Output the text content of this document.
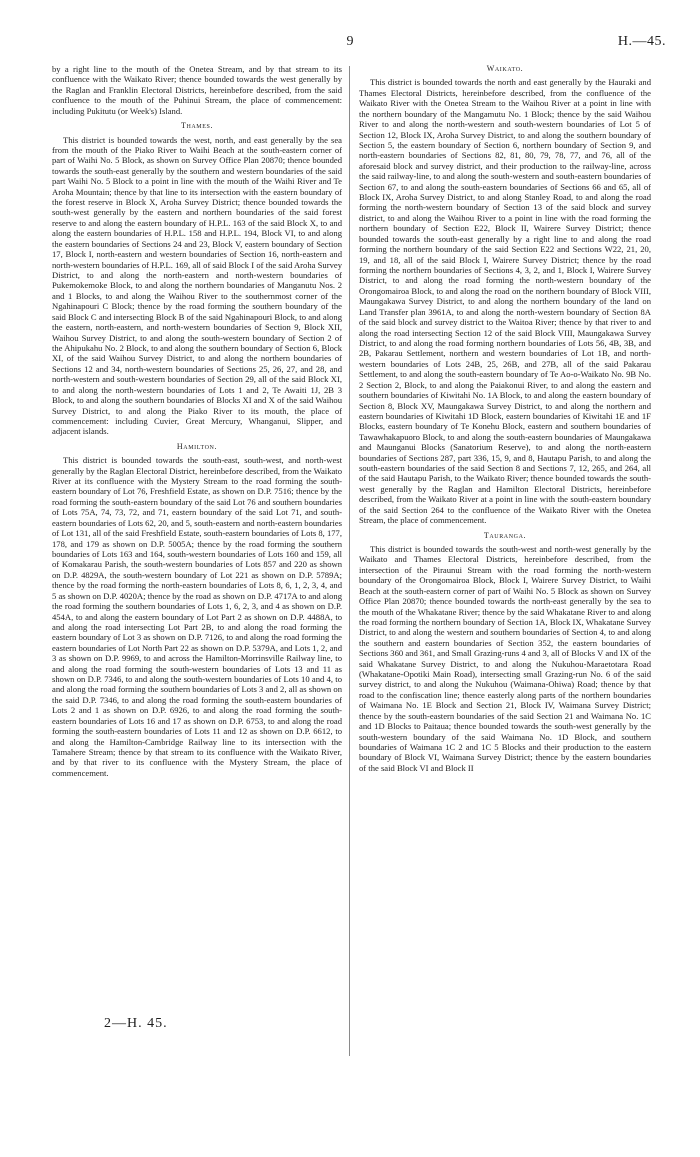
9	H.—45.

by a right line to the mouth of the Onetea Stream, and by that stream to its confluence with the Waikato River; thence bounded towards the west generally by the Raglan and Franklin Electoral Districts, hereinbefore described, from the said confluence to the mouth of the Puhinui Stream, the place of commencement: including Pukitutu (or Week's) Island.

Thames.

This district is bounded towards the west, north, and east generally by the sea from the mouth of the Piako River to Waihi Beach at the south-eastern corner of part of Waihi No. 5 Block, as shown on Survey Office Plan 20870; thence bounded towards the south-east generally by the southern and western boundaries of the said part Waihi No. 5 Block to a point in line with the mouth of the Waihi River and Te Aroha Mountain; thence by that line to its intersection with the eastern boundary of the forest reserve in Block X, Aroha Survey District; thence bounded towards the south-west generally by the eastern and northern boundaries of the said forest reserve to and along the eastern boundary of H.P.L. 163 of the said Block X, to and along the eastern boundaries of H.P.L. 158 and H.P.L. 194, Block VI, to and along the eastern boundaries of Sections 24 and 23, Block V, eastern boundary of Section 17, Block I, north-eastern and western boundaries of Section 16, north-eastern and north-western boundaries of H.P.L. 169, all of said Block I of the said Aroha Survey District, to and along the north-eastern and north-western boundaries of Pukemokemoke Block, to and along the northern boundaries of Manganutu Nos. 2 and 1 Blocks, to and along the Waihou River to the southernmost corner of the Ngahinapouri C Block; thence by the road forming the southern boundary of the said Block C and intersecting Block B of the said Ngahinapouri Block, to and along the eastern, north-eastern, and north-western boundaries of Section 9, Block XII, Waihou Survey District, to and along the south-western boundary of Section 2 of the Ahipukahu No. 2 Block, to and along the southern boundary of Section 6, Block XI, of the said Waihou Survey District, to and along the northern boundaries of Sections 12 and 34, north-western boundaries of Sections 25, 26, 27, and 28, and north-western and south-western boundaries of Section 29, all of the said Block XI, to and along the north-western boundaries of Lots 1 and 2, Te Awaiti 1J, 2B 3 Block, to and along the southern boundaries of Blocks XI and X of the said Waihou Survey District, to and along the Piako River to its mouth, the place of commencement: including Cuvier, Great Mercury, Whanganui, Slipper, and adjacent islands.

Hamilton.

This district is bounded towards the south-east, south-west, and north-west generally by the Raglan Electoral District, hereinbefore described, from the Waikato River at its confluence with the Mystery Stream to the road forming the south-eastern boundary of Lot 76, Freshfield Estate, as shown on D.P. 7516; thence by the road forming the south-eastern boundary of the said Lot 76 and southern boundaries of Lots 75A, 74, 73, 72, and 71, eastern boundary of the said Lot 71, and south-eastern boundaries of Lots 62, 20, and 5, south-eastern and north-eastern boundaries of Lot 131, all of the said Freshfield Estate, south-eastern boundaries of Lots 8, 177, 178, and 179 as shown on D.P. 5005A; thence by the road forming the southern boundaries of Lots 163 and 164, south-western boundaries of Lots 160 and 159, all of Komakarau Parish, the south-western boundaries of Lots 857 and 220 as shown on D.P. 4829A, the south-western boundary of Lot 221 as shown on D.P. 5789A; thence by the road forming the north-eastern boundaries of Lots 8, 6, 1, 2, 3, 4, and 5 as shown on D.P. 4020A; thence by the road as shown on D.P. 4717A to and along the road forming the southern boundaries of Lots 1, 6, 2, 3, and 4 as shown on D.P. 454A, to and along the eastern boundary of Lot Part 2 as shown on D.P. 4488A, to and along the road intersecting Lot Part 2B, to and along the road forming the eastern boundary of Lot 3 as shown on D.P. 7126, to and along the road forming the eastern boundaries of Lot North Part 22 as shown on D.P. 5379A, and Lots 1, 2, and 3 as shown on D.P. 9969, to and across the Hamilton-Morrinsville Railway line, to and along the road forming the south-western boundaries of Lots 13 and 11 as shown on D.P. 7346, to and along the south-western boundaries of Lots 10 and 4, to and along the road forming the southern boundaries of Lots 3 and 2, all as shown on the said D.P. 7346, to and along the road forming the south-eastern boundaries of Lots 2 and 1 as shown on D.P. 6926, to and along the road forming the south-eastern boundaries of Lots 16 and 17 as shown on D.P. 6753, to and along the road forming the south-eastern boundaries of Lots 11 and 12 as shown on D.P. 6612, to and along the Hamilton-Cambridge Railway line to its intersection with the Tamahere Stream; thence by that stream to its confluence with the Waikato River, and by that river to its confluence with the Mystery Stream, the place of commencement.

Waikato.

This district is bounded towards the north and east generally by the Hauraki and Thames Electoral Districts, hereinbefore described, from the confluence of the Waikato River with the Onetea Stream to the Waihou River at a point in line with the northern boundary of the Mangamutu No. 1 Block; thence by the said Waihou River to and along the north-western and south-western boundaries of Lot 5 of Section 12, Block IX, Aroha Survey District, to and along the southern boundary of Section 5, the eastern boundary of Section 6, northern boundary of Section 9, and north-eastern boundaries of Sections 82, 81, 80, 79, 78, 77, and 76, all of the aforesaid block and survey district, and their production to the railway-line, across the said railway-line, to and along the south-western and south-eastern boundaries of Section 67, to and along the south-eastern boundaries of Sections 66 and 65, all of Block IX, Aroha Survey District, to and along Stanley Road, to and along the road forming the north-western boundary of Section 13 of the said block and survey district, to and along the Waihou River to a point in line with the road forming the northern boundary of Section E22, Block II, Wairere Survey District; thence bounded towards the south-east generally by a right line to and along the road forming the northern boundary of the said Section E22 and Sections W22, 21, 20, 19, and 18, all of the said Block I, Wairere Survey District; thence by the road forming the northern boundaries of Sections 4, 3, 2, and 1, Block I, Wairere Survey District, to and along the road forming the north-western boundary of the Orongomairoa Block, to and along the road on the northern boundary of Block VIII, Maungakawa Survey District, to and along the northern boundary of the land on Land Transfer plan 3961A, to and along the north-western boundary of Section 8A of the said block and survey district to the Waitoa River; thence by that river to and along the road intersecting Section 12 of the said Block VIII, Maungakawa Survey District, to and along the road forming northern boundaries of Lots 56, 4B, 3B, and 2B, Pakarau Settlement, northern and western boundaries of Lot 1B, and north-western boundaries of Lots 24B, 25, 26B, and 27B, all of the said Pakarau Settlement, to and along the south-eastern boundary of Te Ao-o-Waikato No. 9B No. 2 Section 2, Block, to and along the Paiakonui River, to and along the eastern and southern boundaries of Kiwitahi No. 1A Block, to and along the eastern boundary of Section 8, Block XV, Maungakawa Survey District, to and along the northern and eastern boundaries of Kiwitahi 1D Block, eastern boundaries of Kiwitahi 1E and 1F Blocks, eastern boundary of Te Konehu Block, eastern and southern boundaries of Tawawhakapuoro Block, to and along the south-eastern boundaries of Maungakawa and Maunganui Blocks (Sanatorium Reserve), to and along the north-eastern boundaries of Sections 287, part 336, 15, 9, and 8, Hautapu Parish, to and along the south-eastern boundaries of the said Section 8 and Sections 7, 12, 265, and 264, all of the said Hautapu Parish, to the Waikato River; thence bounded towards the south-west generally by the Raglan and Hamilton Electoral Districts, hereinbefore described, from the Waikato River at a point in line with the south-eastern boundary of the said Section 264 to the confluence of the Waikato River with the Onetea Stream, the place of commencement.

Tauranga.

This district is bounded towards the south-west and north-west generally by the Waikato and Thames Electoral Districts, hereinbefore described, from the intersection of the Piraunui Stream with the road forming the north-western boundary of the Orongomairoa Block, Block I, Wairere Survey District, to Waihi Beach at the south-eastern corner of part of Waihi No. 5 Block as shown on Survey Office Plan 20870; thence bounded towards the north-east generally by the sea to the mouth of the Whakatane River; thence by the said Whakatane River to and along the road forming the northern boundary of Section 1A, Block IX, Whakatane Survey District, to and along the western and southern boundaries of Section 4, to and along the southern and eastern boundaries of Section 352, the eastern boundaries of Sections 360 and 361, and Small Grazing-runs 4 and 3, all of Blocks V and IX of the said Whakatane Survey District, to and along the Nukuhou-Maraetotara Road (Whakatane-Opotiki Main Road), intersecting small Grazing-run No. 6 of the said survey district, to and along the Nukuhou (Waimana-Ohiwa) Road; thence by that road to the confiscation line; thence easterly along parts of the northern boundaries of Waimana No. 1E Block and Section 21, Block IV, Waimana Survey District; thence by the south-eastern boundaries of the said Section 21 and Waimana No. 1C and 1D Blocks to Paitaua; thence bounded towards the south-west generally by the south-western boundary of the said Waimana No. 1D Block, and southern boundaries of Waimana 1C 2 and 1C 5 Blocks and their production to the eastern boundary of Block VI, Waimana Survey District; thence by the eastern boundaries of the said Block VI and Block II

2—H. 45.
